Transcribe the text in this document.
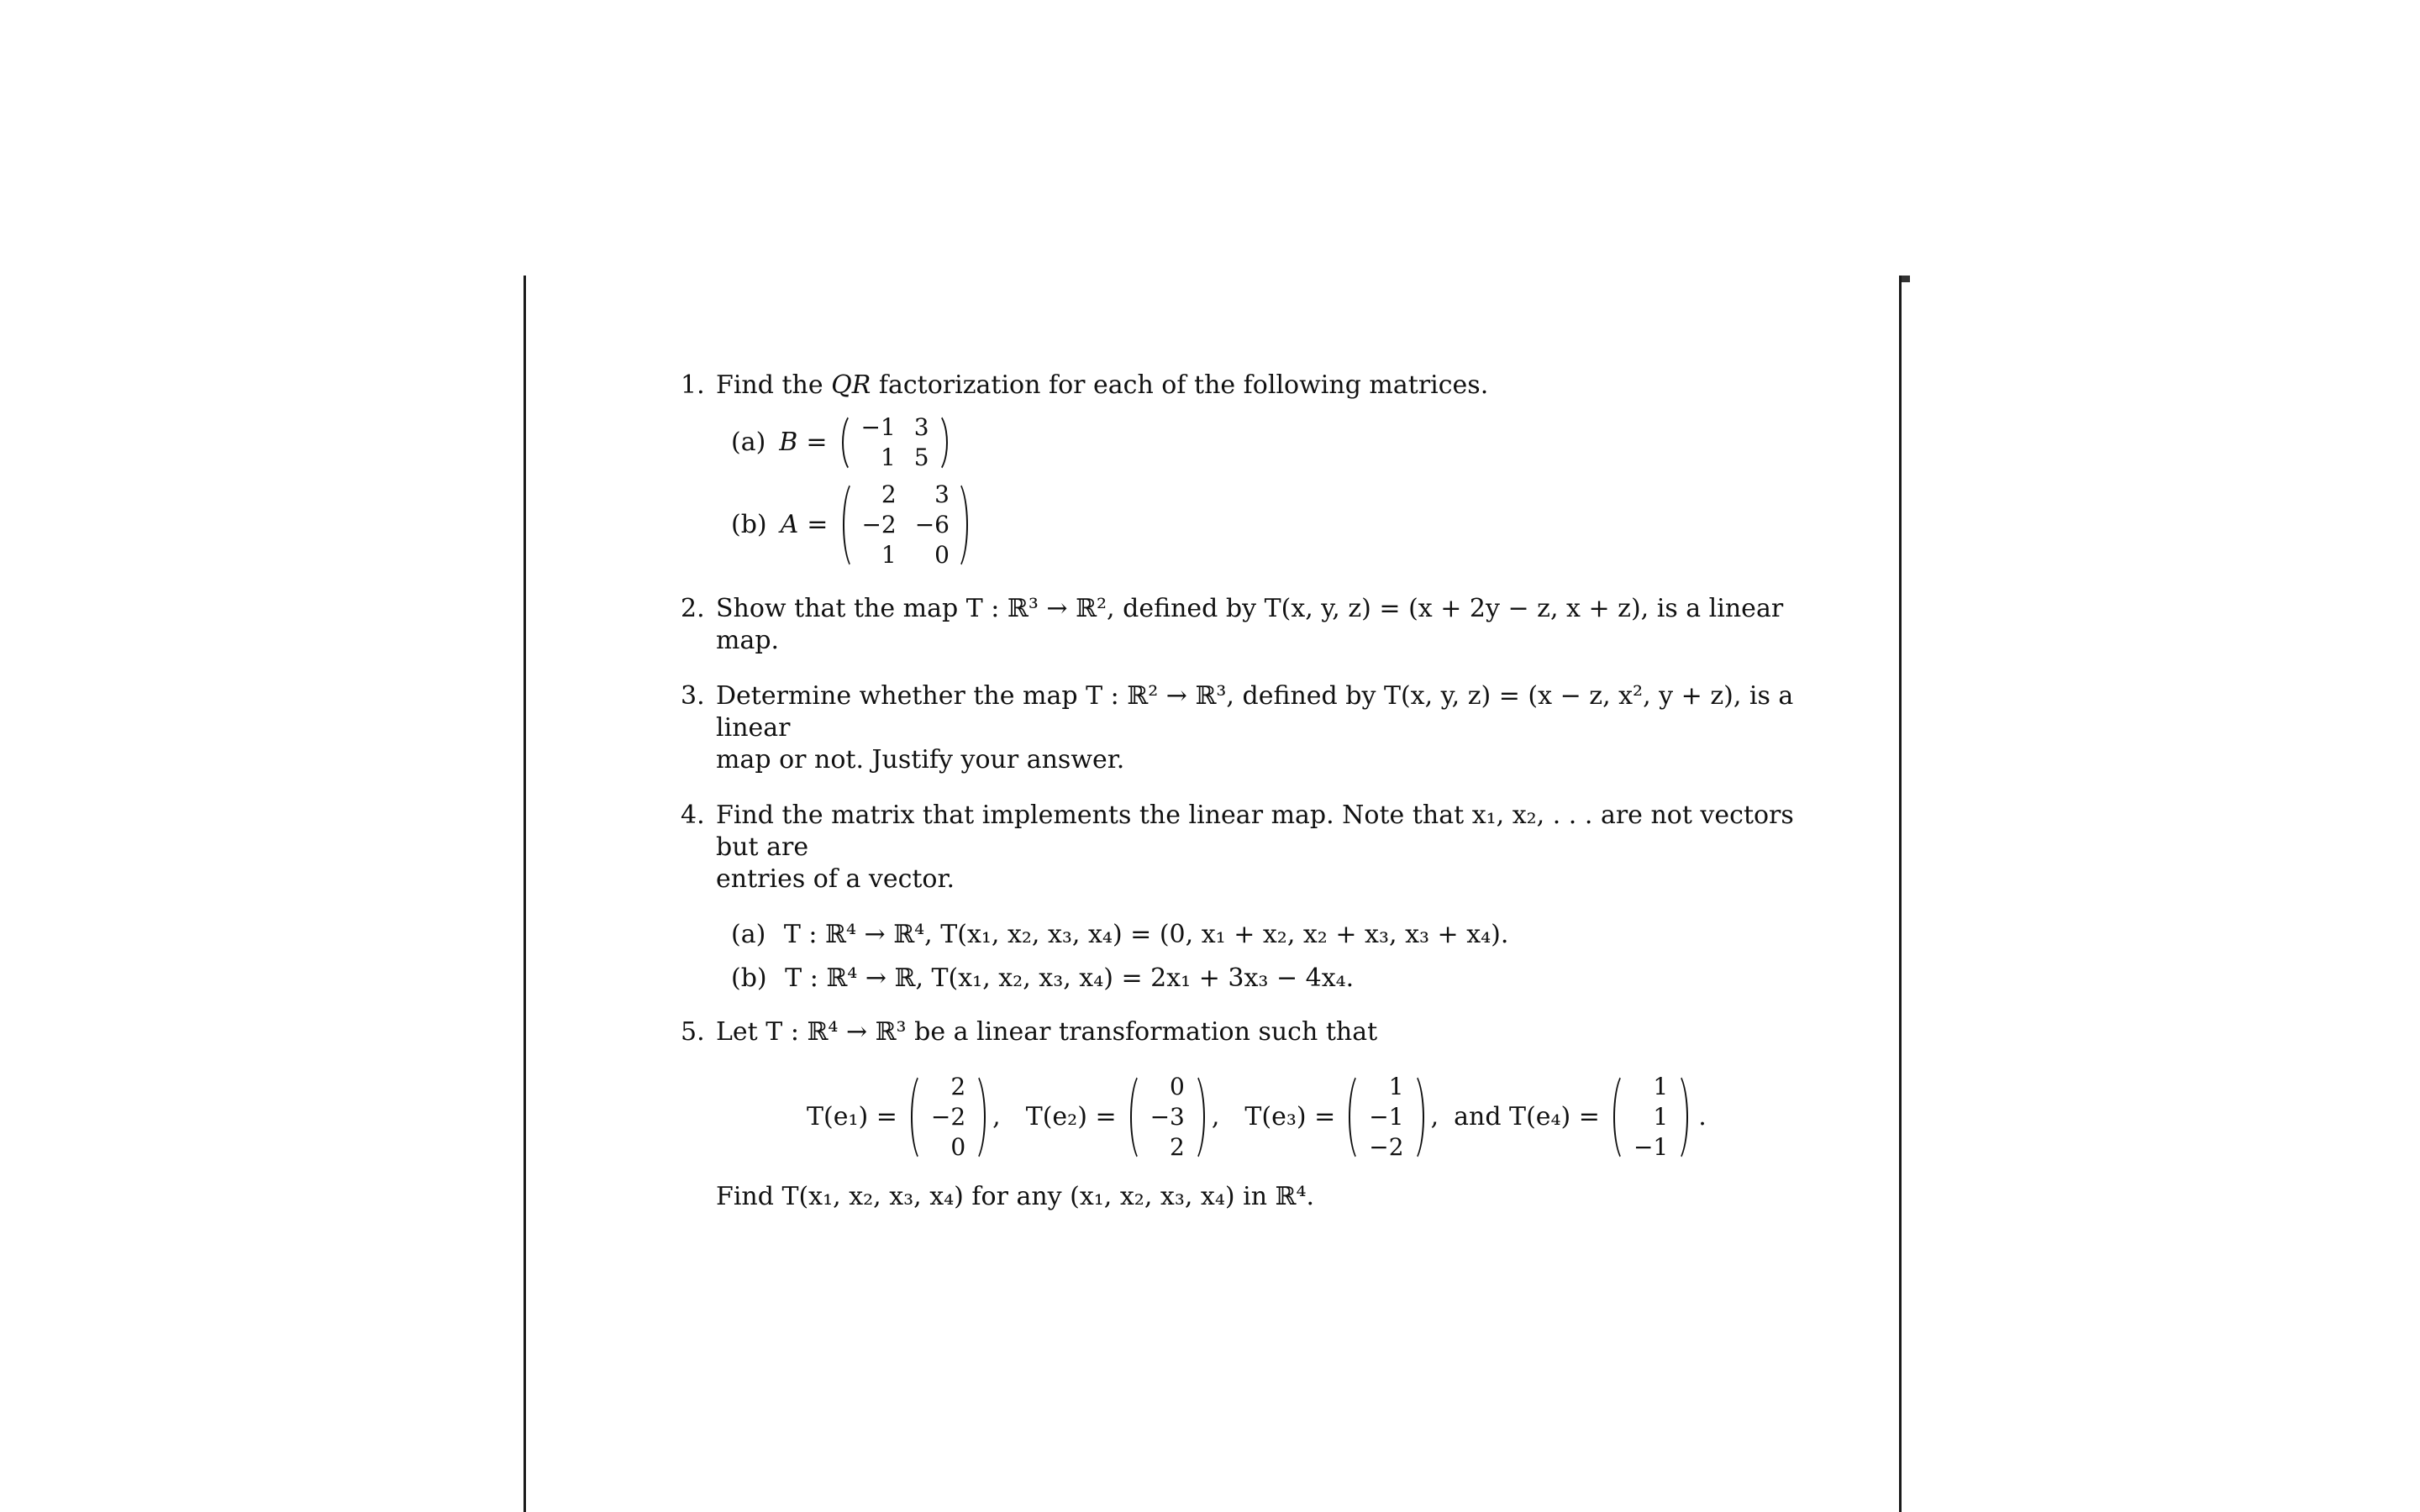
1. Find the QR factorization for each of the following matrices.
(a) B =
−1 3
1 5
(b) A =
2	3
−2 −6
1	0
2. Show that the map T : ℝ³ → ℝ², defined by T(x, y, z) = (x + 2y − z, x + z), is a linear map.
3. Determine whether the map T : ℝ² → ℝ³, defined by T(x, y, z) = (x − z, x², y + z), is a linear
map or not. Justify your answer.
4. Find the matrix that implements the linear map. Note that x₁, x₂, . . . are not vectors but are
entries of a vector.
(a) T : ℝ⁴ → ℝ⁴, T(x₁, x₂, x₃, x₄) = (0, x₁ + x₂, x₂ + x₃, x₃ + x₄).
(b) T : ℝ⁴ → ℝ, T(x₁, x₂, x₃, x₄) = 2x₁ + 3x₃ − 4x₄.
5. Let T : ℝ⁴ → ℝ³ be a linear transformation such that
T(e₁) =
2
−2
0
, T(e₂) =
0
−3
2
, T(e₃) =
1
−1
−2
, and T(e₄) =
1
1
−1
.
Find T(x₁, x₂, x₃, x₄) for any (x₁, x₂, x₃, x₄) in ℝ⁴.
